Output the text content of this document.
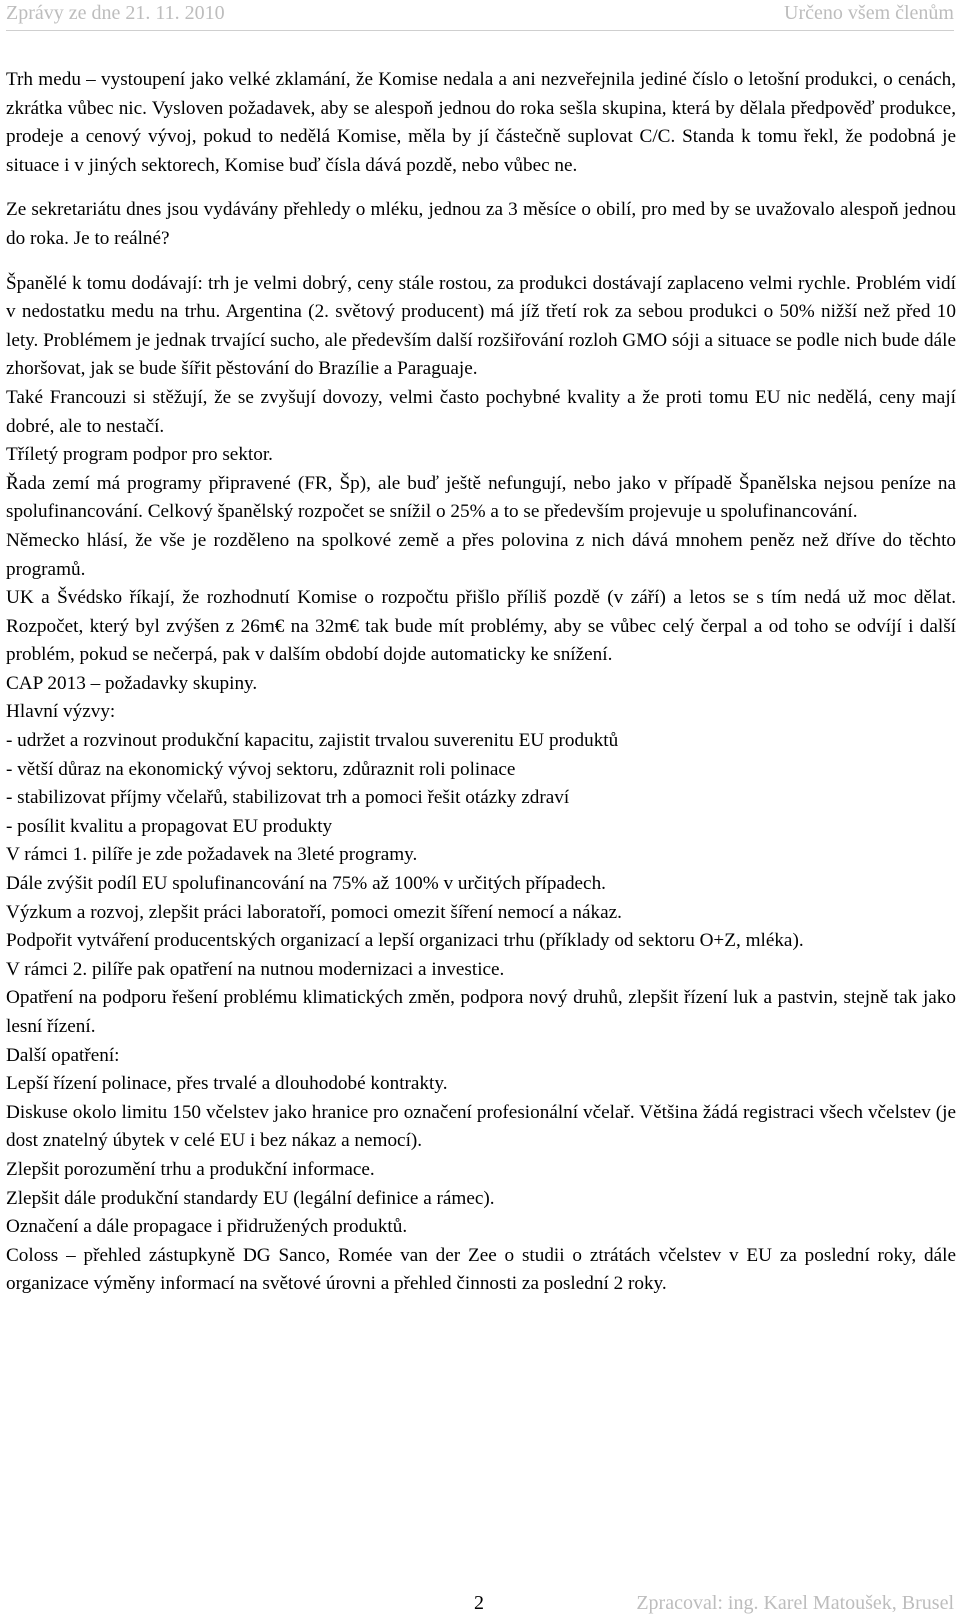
Zprávy ze dne 21. 11. 2010	Určeno všem členům

Trh medu – vystoupení jako velké zklamání, že Komise nedala a ani nezveřejnila jediné číslo o letošní produkci, o cenách, zkrátka vůbec nic. Vysloven požadavek, aby se alespoň jednou do roka sešla skupina, která by dělala předpověď produkce, prodeje a cenový vývoj, pokud to nedělá Komise, měla by jí částečně suplovat C/C. Standa k tomu řekl, že podobná je situace i v jiných sektorech, Komise buď čísla dává pozdě, nebo vůbec ne.

Ze sekretariátu dnes jsou vydávány přehledy o mléku, jednou za 3 měsíce o obilí, pro med by se uvažovalo alespoň jednou do roka. Je to reálné?

Španělé k tomu dodávají: trh je velmi dobrý, ceny stále rostou, za produkci dostávají zaplaceno velmi rychle. Problém vidí v nedostatku medu na trhu. Argentina (2. světový producent) má jíž třetí rok za sebou produkci o 50% nižší než před 10 lety. Problémem je jednak trvající sucho, ale především další rozšiřování rozloh GMO sóji a situace se podle nich bude dále zhoršovat, jak se bude šířit pěstování do Brazílie a Paraguaje.

Také Francouzi si stěžují, že se zvyšují dovozy, velmi často pochybné kvality a že proti tomu EU nic nedělá, ceny mají dobré, ale to nestačí.

Tříletý program podpor pro sektor.

Řada zemí má programy připravené (FR, Šp), ale buď ještě nefungují, nebo jako v případě Španělska nejsou peníze na spolufinancování. Celkový španělský rozpočet se snížil o 25% a to se především projevuje u spolufinancování.

Německo hlásí, že vše je rozděleno na spolkové země a přes polovina z nich dává mnohem peněz než dříve do těchto programů.

UK a Švédsko říkají, že rozhodnutí Komise o rozpočtu přišlo příliš pozdě (v září) a letos se s tím nedá už moc dělat. Rozpočet, který byl zvýšen z 26m€ na 32m€ tak bude mít problémy, aby se vůbec celý čerpal a od toho se odvíjí i další problém, pokud se nečerpá, pak v dalším období dojde automaticky ke snížení.

CAP 2013 – požadavky skupiny.

Hlavní výzvy:

- udržet a rozvinout produkční kapacitu, zajistit trvalou suverenitu EU produktů

- větší důraz na ekonomický vývoj sektoru, zdůraznit roli polinace

- stabilizovat příjmy včelařů, stabilizovat trh a pomoci řešit otázky zdraví

- posílit kvalitu a propagovat EU produkty

V rámci 1. pilíře je zde požadavek na 3leté programy.

Dále zvýšit podíl EU spolufinancování na 75% až 100% v určitých případech.

Výzkum a rozvoj, zlepšit práci laboratoří, pomoci omezit šíření nemocí a nákaz.

Podpořit vytváření producentských organizací a lepší organizaci trhu (příklady od sektoru O+Z, mléka).

V rámci 2. pilíře pak opatření na nutnou modernizaci a investice.

Opatření na podporu řešení problému klimatických změn, podpora nový druhů, zlepšit řízení luk a pastvin, stejně tak jako lesní řízení.

Další opatření:

Lepší řízení polinace, přes trvalé a dlouhodobé kontrakty.

Diskuse okolo limitu 150 včelstev jako hranice pro označení profesionální včelař. Většina žádá registraci všech včelstev (je dost znatelný úbytek v celé EU i bez nákaz a nemocí).

Zlepšit porozumění trhu a produkční informace.

Zlepšit dále produkční standardy EU (legální definice a rámec).

Označení a dále propagace i přidružených produktů.

Coloss – přehled zástupkyně DG Sanco, Romée van der Zee o studii o ztrátách včelstev v EU za poslední roky, dále organizace výměny informací na světové úrovni a přehled činnosti za poslední 2 roky.

2	Zpracoval: ing. Karel Matoušek, Brusel
